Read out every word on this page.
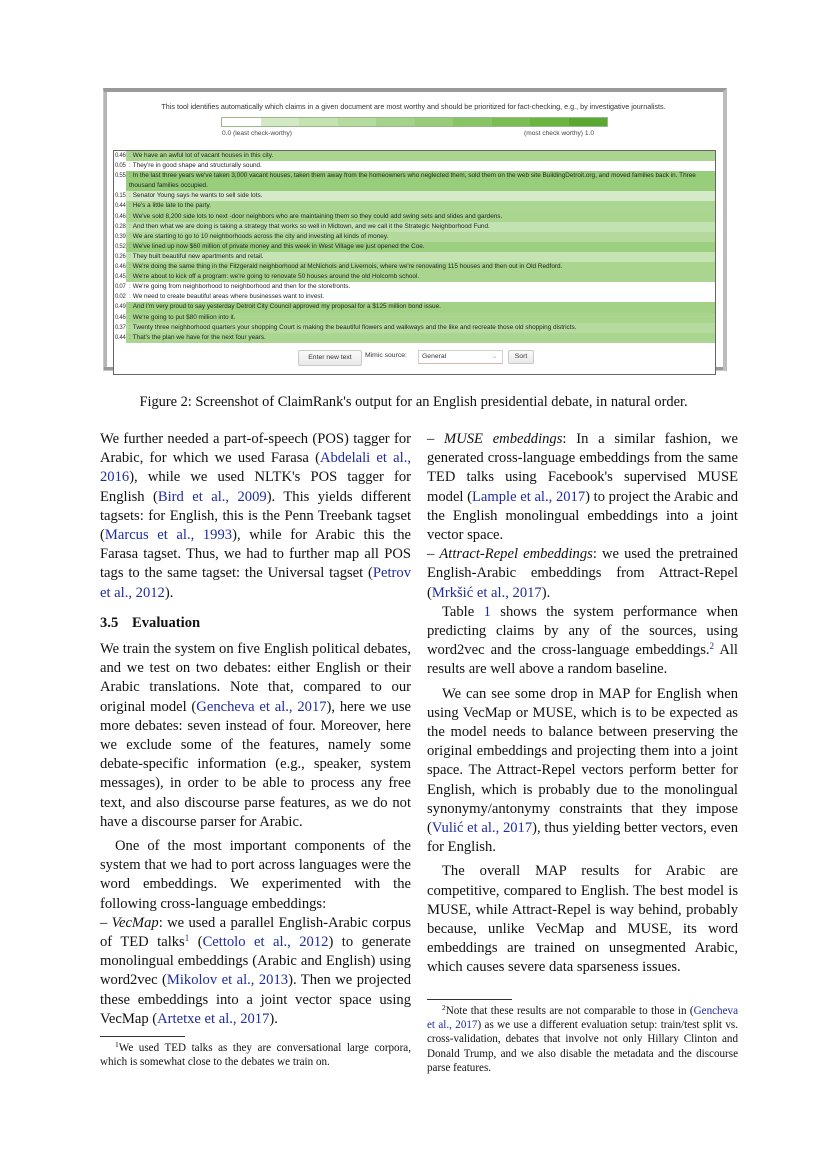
This tool identifies automatically which claims in a given document are most worthy and should be prioritized for fact-checking, e.g., by investigative journalists.
0.0 (least check-worthy)	(most check worthy) 1.0
0.46	: We have an awful lot of vacant houses in this city.
0.05	: They're in good shape and structurally sound.
0.55	: In the last three years we've taken 3,000 vacant houses, taken them away from the homeowners who neglected them, sold them on the web site BuildingDetroit.org, and moved families back in. Three thousand families occupied.
0.15	: Senator Young says he wants to sell side lots.
0.44	: He's a little late to the party.
0.46	: We've sold 8,200 side lots to next -door neighbors who are maintaining them so they could add swing sets and slides and gardens.
0.28	: And then what we are doing is taking a strategy that works so well in Midtown, and we call it the Strategic Neighborhood Fund.
0.39	: We are starting to go to 10 neighborhoods across the city and investing all kinds of money.
0.52	: We've lined up now $60 million of private money and this week in West Village we just opened the Coe.
0.26	: They built beautiful new apartments and retail.
0.46	: We're doing the same thing in the Fitzgerald neighborhood at McNichols and Livernois, where we're renovating 115 houses and then out in Old Redford.
0.45	: We're about to kick off a program: we're going to renovate 50 houses around the old Holcomb school.
0.07	: We're going from neighborhood to neighborhood and then for the storefronts.
0.02	: We need to create beautiful areas where businesses want to invest.
0.49	: And I'm very proud to say yesterday Detroit City Council approved my proposal for a $125 million bond issue.
0.46	: We're going to put $80 million into it.
0.37	: Twenty three neighborhood quarters your shopping Court is making the beautiful flowers and walkways and the like and recreate those old shopping districts.
0.44	: That's the plan we have for the next four years.
Enter new text	Mimic source:	General	⌄	Sort
Figure 2: Screenshot of ClaimRank's output for an English presidential debate, in natural order.

We further needed a part-of-speech (POS) tagger for Arabic, for which we used Farasa (Abdelali et al., 2016), while we used NLTK's POS tagger for English (Bird et al., 2009). This yields different tagsets: for English, this is the Penn Treebank tagset (Marcus et al., 1993), while for Arabic this the Farasa tagset. Thus, we had to further map all POS tags to the same tagset: the Universal tagset (Petrov et al., 2012).

3.5 Evaluation

We train the system on five English political debates, and we test on two debates: either English or their Arabic translations. Note that, compared to our original model (Gencheva et al., 2017), here we use more debates: seven instead of four. Moreover, here we exclude some of the features, namely some debate-specific information (e.g., speaker, system messages), in order to be able to process any free text, and also discourse parse features, as we do not have a discourse parser for Arabic.

One of the most important components of the system that we had to port across languages were the word embeddings. We experimented with the following cross-language embeddings:

– VecMap: we used a parallel English-Arabic corpus of TED talks$^1$ (Cettolo et al., 2012) to generate monolingual embeddings (Arabic and English) using word2vec (Mikolov et al., 2013). Then we projected these embeddings into a joint vector space using VecMap (Artetxe et al., 2017).

$^1$We used TED talks as they are conversational large corpora, which is somewhat close to the debates we train on.

– MUSE embeddings: In a similar fashion, we generated cross-language embeddings from the same TED talks using Facebook's supervised MUSE model (Lample et al., 2017) to project the Arabic and the English monolingual embeddings into a joint vector space.

– Attract-Repel embeddings: we used the pretrained English-Arabic embeddings from Attract-Repel (Mrkšić et al., 2017).

Table 1 shows the system performance when predicting claims by any of the sources, using word2vec and the cross-language embeddings.$^2$ All results are well above a random baseline.

We can see some drop in MAP for English when using VecMap or MUSE, which is to be expected as the model needs to balance between preserving the original embeddings and projecting them into a joint space. The Attract-Repel vectors perform better for English, which is probably due to the monolingual synonymy/antonymy constraints that they impose (Vulić et al., 2017), thus yielding better vectors, even for English.

The overall MAP results for Arabic are competitive, compared to English. The best model is MUSE, while Attract-Repel is way behind, probably because, unlike VecMap and MUSE, its word embeddings are trained on unsegmented Arabic, which causes severe data sparseness issues.

$^2$Note that these results are not comparable to those in (Gencheva et al., 2017) as we use a different evaluation setup: train/test split vs. cross-validation, debates that involve not only Hillary Clinton and Donald Trump, and we also disable the metadata and the discourse parse features.
